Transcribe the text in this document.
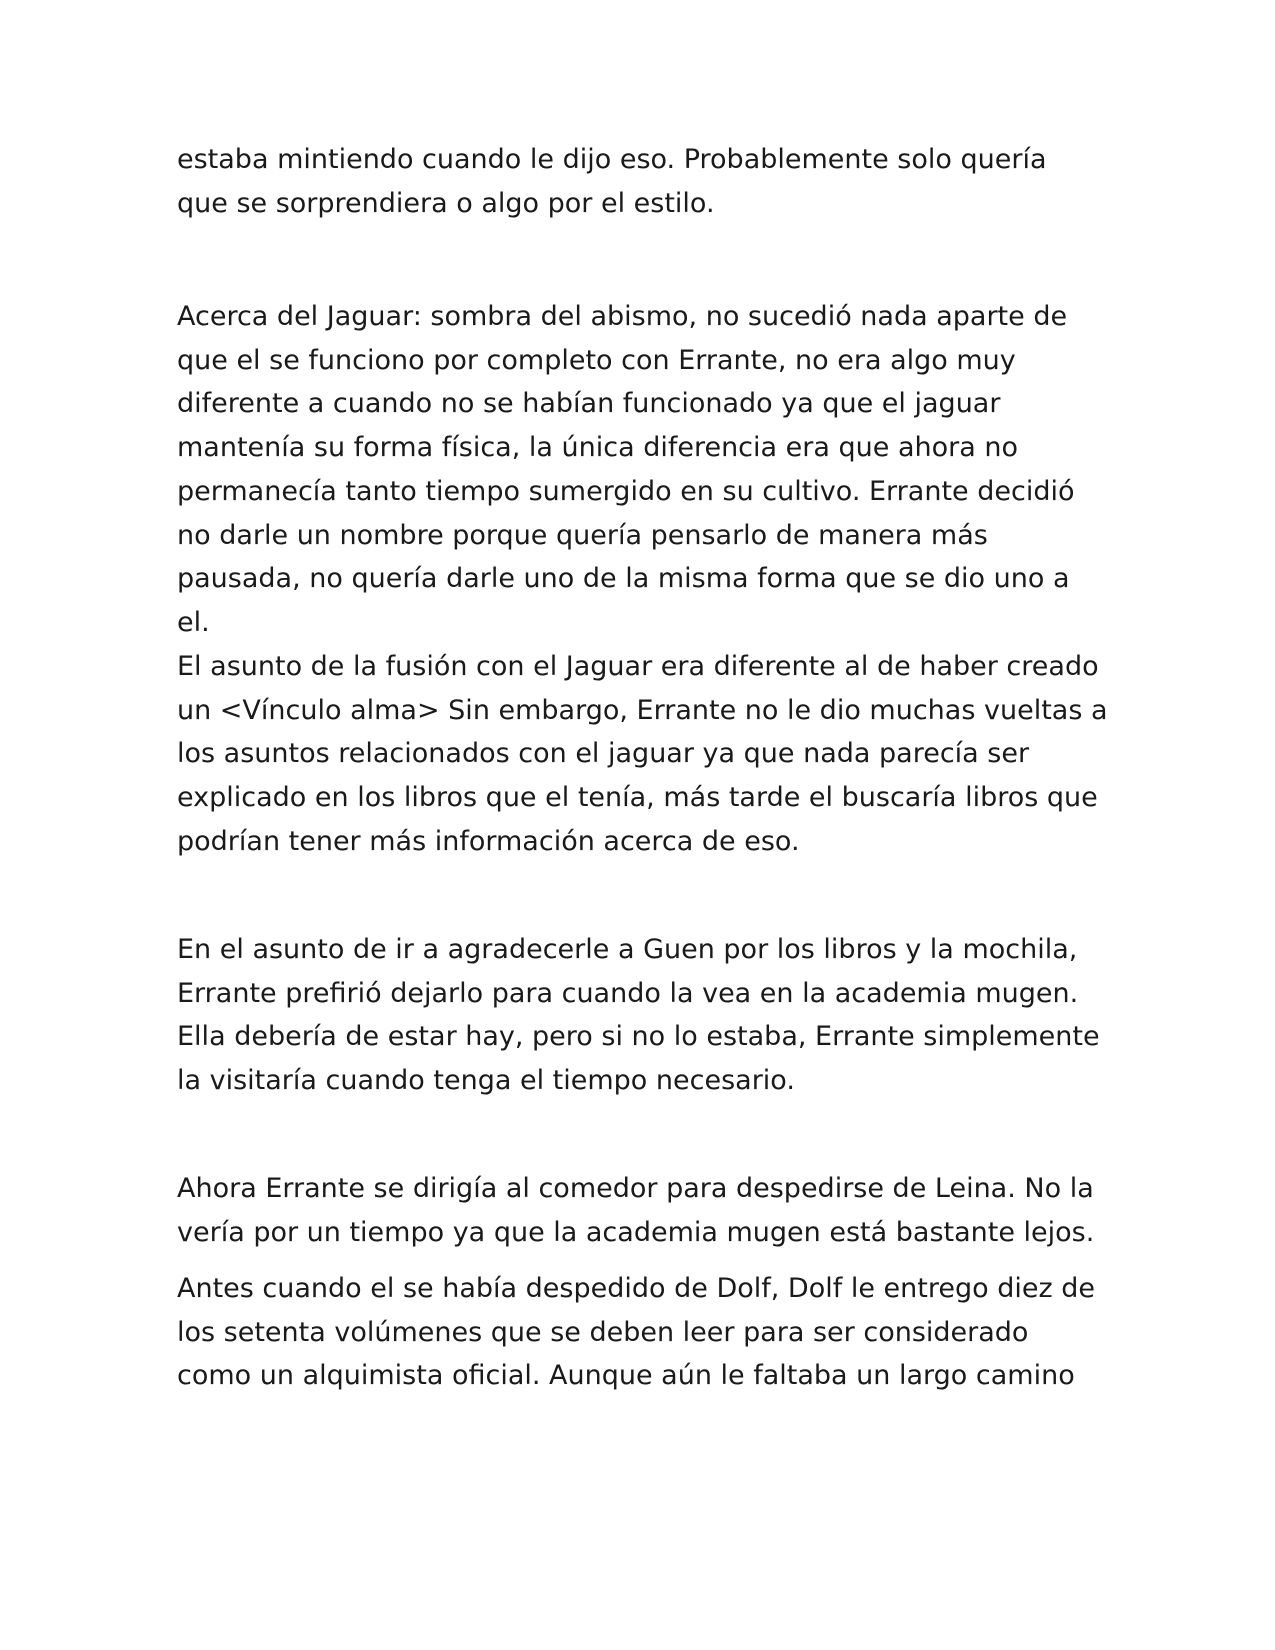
estaba mintiendo cuando le dijo eso. Probablemente solo quería
que se sorprendiera o algo por el estilo.

Acerca del Jaguar: sombra del abismo, no sucedió nada aparte de
que el se funciono por completo con Errante, no era algo muy
diferente a cuando no se habían funcionado ya que el jaguar
mantenía su forma física, la única diferencia era que ahora no
permanecía tanto tiempo sumergido en su cultivo. Errante decidió
no darle un nombre porque quería pensarlo de manera más
pausada, no quería darle uno de la misma forma que se dio uno a
el.

El asunto de la fusión con el Jaguar era diferente al de haber creado
un <Vínculo alma> Sin embargo, Errante no le dio muchas vueltas a
los asuntos relacionados con el jaguar ya que nada parecía ser
explicado en los libros que el tenía, más tarde el buscaría libros que
podrían tener más información acerca de eso.

En el asunto de ir a agradecerle a Guen por los libros y la mochila,
Errante prefirió dejarlo para cuando la vea en la academia mugen.
Ella debería de estar hay, pero si no lo estaba, Errante simplemente
la visitaría cuando tenga el tiempo necesario.

Ahora Errante se dirigía al comedor para despedirse de Leina. No la
vería por un tiempo ya que la academia mugen está bastante lejos.

Antes cuando el se había despedido de Dolf, Dolf le entrego diez de
los setenta volúmenes que se deben leer para ser considerado
como un alquimista oficial. Aunque aún le faltaba un largo camino
